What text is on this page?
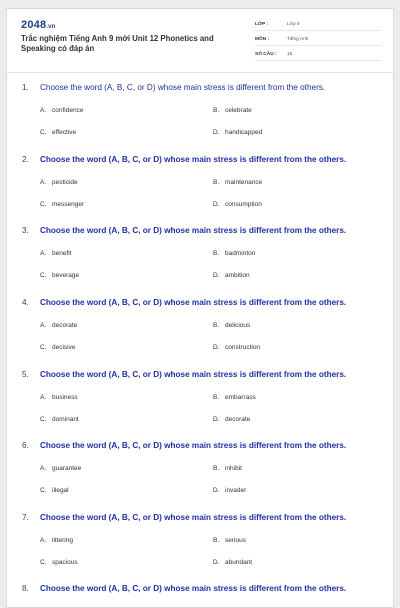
2048.vn
Trắc nghiệm Tiếng Anh 9 mới Unit 12 Phonetics and Speaking có đáp án
LỚP :	Lớp 9
MÔN :	Tiếng Anh
SỐ CÂU :	15
1. Choose the word (A, B, C, or D) whose main stress is different from the others.
A. confidence	B. celebrate
C. effective	D. handicapped
2. Choose the word (A, B, C, or D) whose main stress is different from the others.
A. pesticide	B. maintenance
C. messenger	D. consumption
3. Choose the word (A, B, C, or D) whose main stress is different from the others.
A. benefit	B. badminton
C. beverage	D. ambition
4. Choose the word (A, B, C, or D) whose main stress is different from the others.
A. decorate	B. delicious
C. decisive	D. construction
5. Choose the word (A, B, C, or D) whose main stress is different from the others.
A. business	B. embarrass
C. dominant	D. decorate
6. Choose the word (A, B, C, or D) whose main stress is different from the others.
A. guarantee	B. inhibit
C. illegal	D. invader
7. Choose the word (A, B, C, or D) whose main stress is different from the others.
A. littering	B. serious
C. spacious	D. abundant
8. Choose the word (A, B, C, or D) whose main stress is different from the others.
